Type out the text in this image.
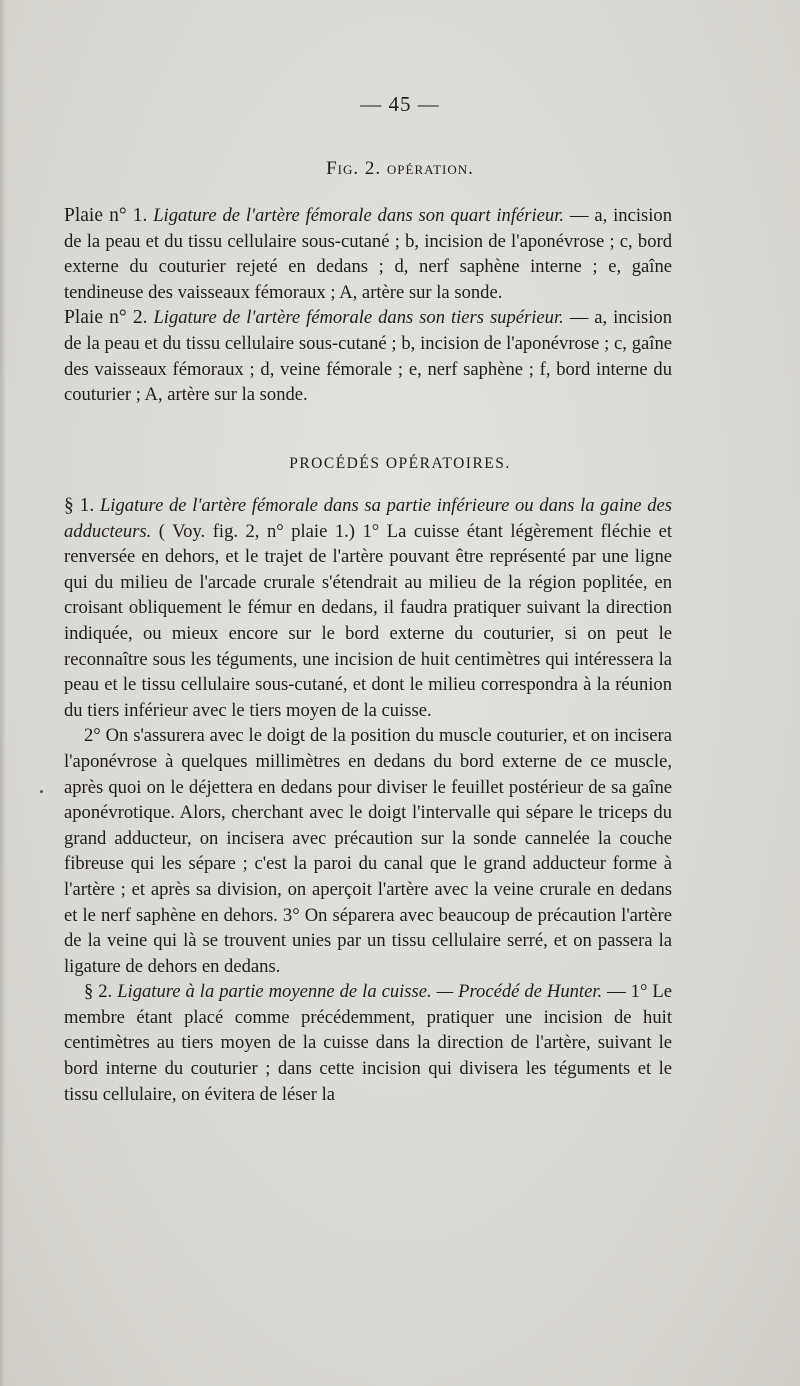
— 45 —
Fig. 2. opération.

Plaie n° 1. Ligature de l'artère fémorale dans son quart inférieur. — a, incision de la peau et du tissu cellulaire sous-cutané ; b, incision de l'aponévrose ; c, bord externe du couturier rejeté en dedans ; d, nerf saphène interne ; e, gaîne tendineuse des vaisseaux fémoraux ; A, artère sur la sonde.

Plaie n° 2. Ligature de l'artère fémorale dans son tiers supérieur. — a, incision de la peau et du tissu cellulaire sous-cutané ; b, incision de l'aponévrose ; c, gaîne des vaisseaux fémoraux ; d, veine fémorale ; e, nerf saphène ; f, bord interne du couturier ; A, artère sur la sonde.

PROCÉDÉS OPÉRATOIRES.

§ 1. Ligature de l'artère fémorale dans sa partie inférieure ou dans la gaine des adducteurs. ( Voy. fig. 2, n° plaie 1.) 1° La cuisse étant légèrement fléchie et renversée en dehors, et le trajet de l'artère pouvant être représenté par une ligne qui du milieu de l'arcade crurale s'étendrait au milieu de la région poplitée, en croisant obliquement le fémur en dedans, il faudra pratiquer suivant la direction indiquée, ou mieux encore sur le bord externe du couturier, si on peut le reconnaître sous les téguments, une incision de huit centimètres qui intéressera la peau et le tissu cellulaire sous-cutané, et dont le milieu correspondra à la réunion du tiers inférieur avec le tiers moyen de la cuisse.

2° On s'assurera avec le doigt de la position du muscle couturier, et on incisera l'aponévrose à quelques millimètres en dedans du bord externe de ce muscle, après quoi on le déjettera en dedans pour diviser le feuillet postérieur de sa gaîne aponévrotique. Alors, cherchant avec le doigt l'intervalle qui sépare le triceps du grand adducteur, on incisera avec précaution sur la sonde cannelée la couche fibreuse qui les sépare ; c'est la paroi du canal que le grand adducteur forme à l'artère ; et après sa division, on aperçoit l'artère avec la veine crurale en dedans et le nerf saphène en dehors. 3° On séparera avec beaucoup de précaution l'artère de la veine qui là se trouvent unies par un tissu cellulaire serré, et on passera la ligature de dehors en dedans.

§ 2. Ligature à la partie moyenne de la cuisse. — Procédé de Hunter. — 1° Le membre étant placé comme précédemment, pratiquer une incision de huit centimètres au tiers moyen de la cuisse dans la direction de l'artère, suivant le bord interne du couturier ; dans cette incision qui divisera les téguments et le tissu cellulaire, on évitera de léser la
